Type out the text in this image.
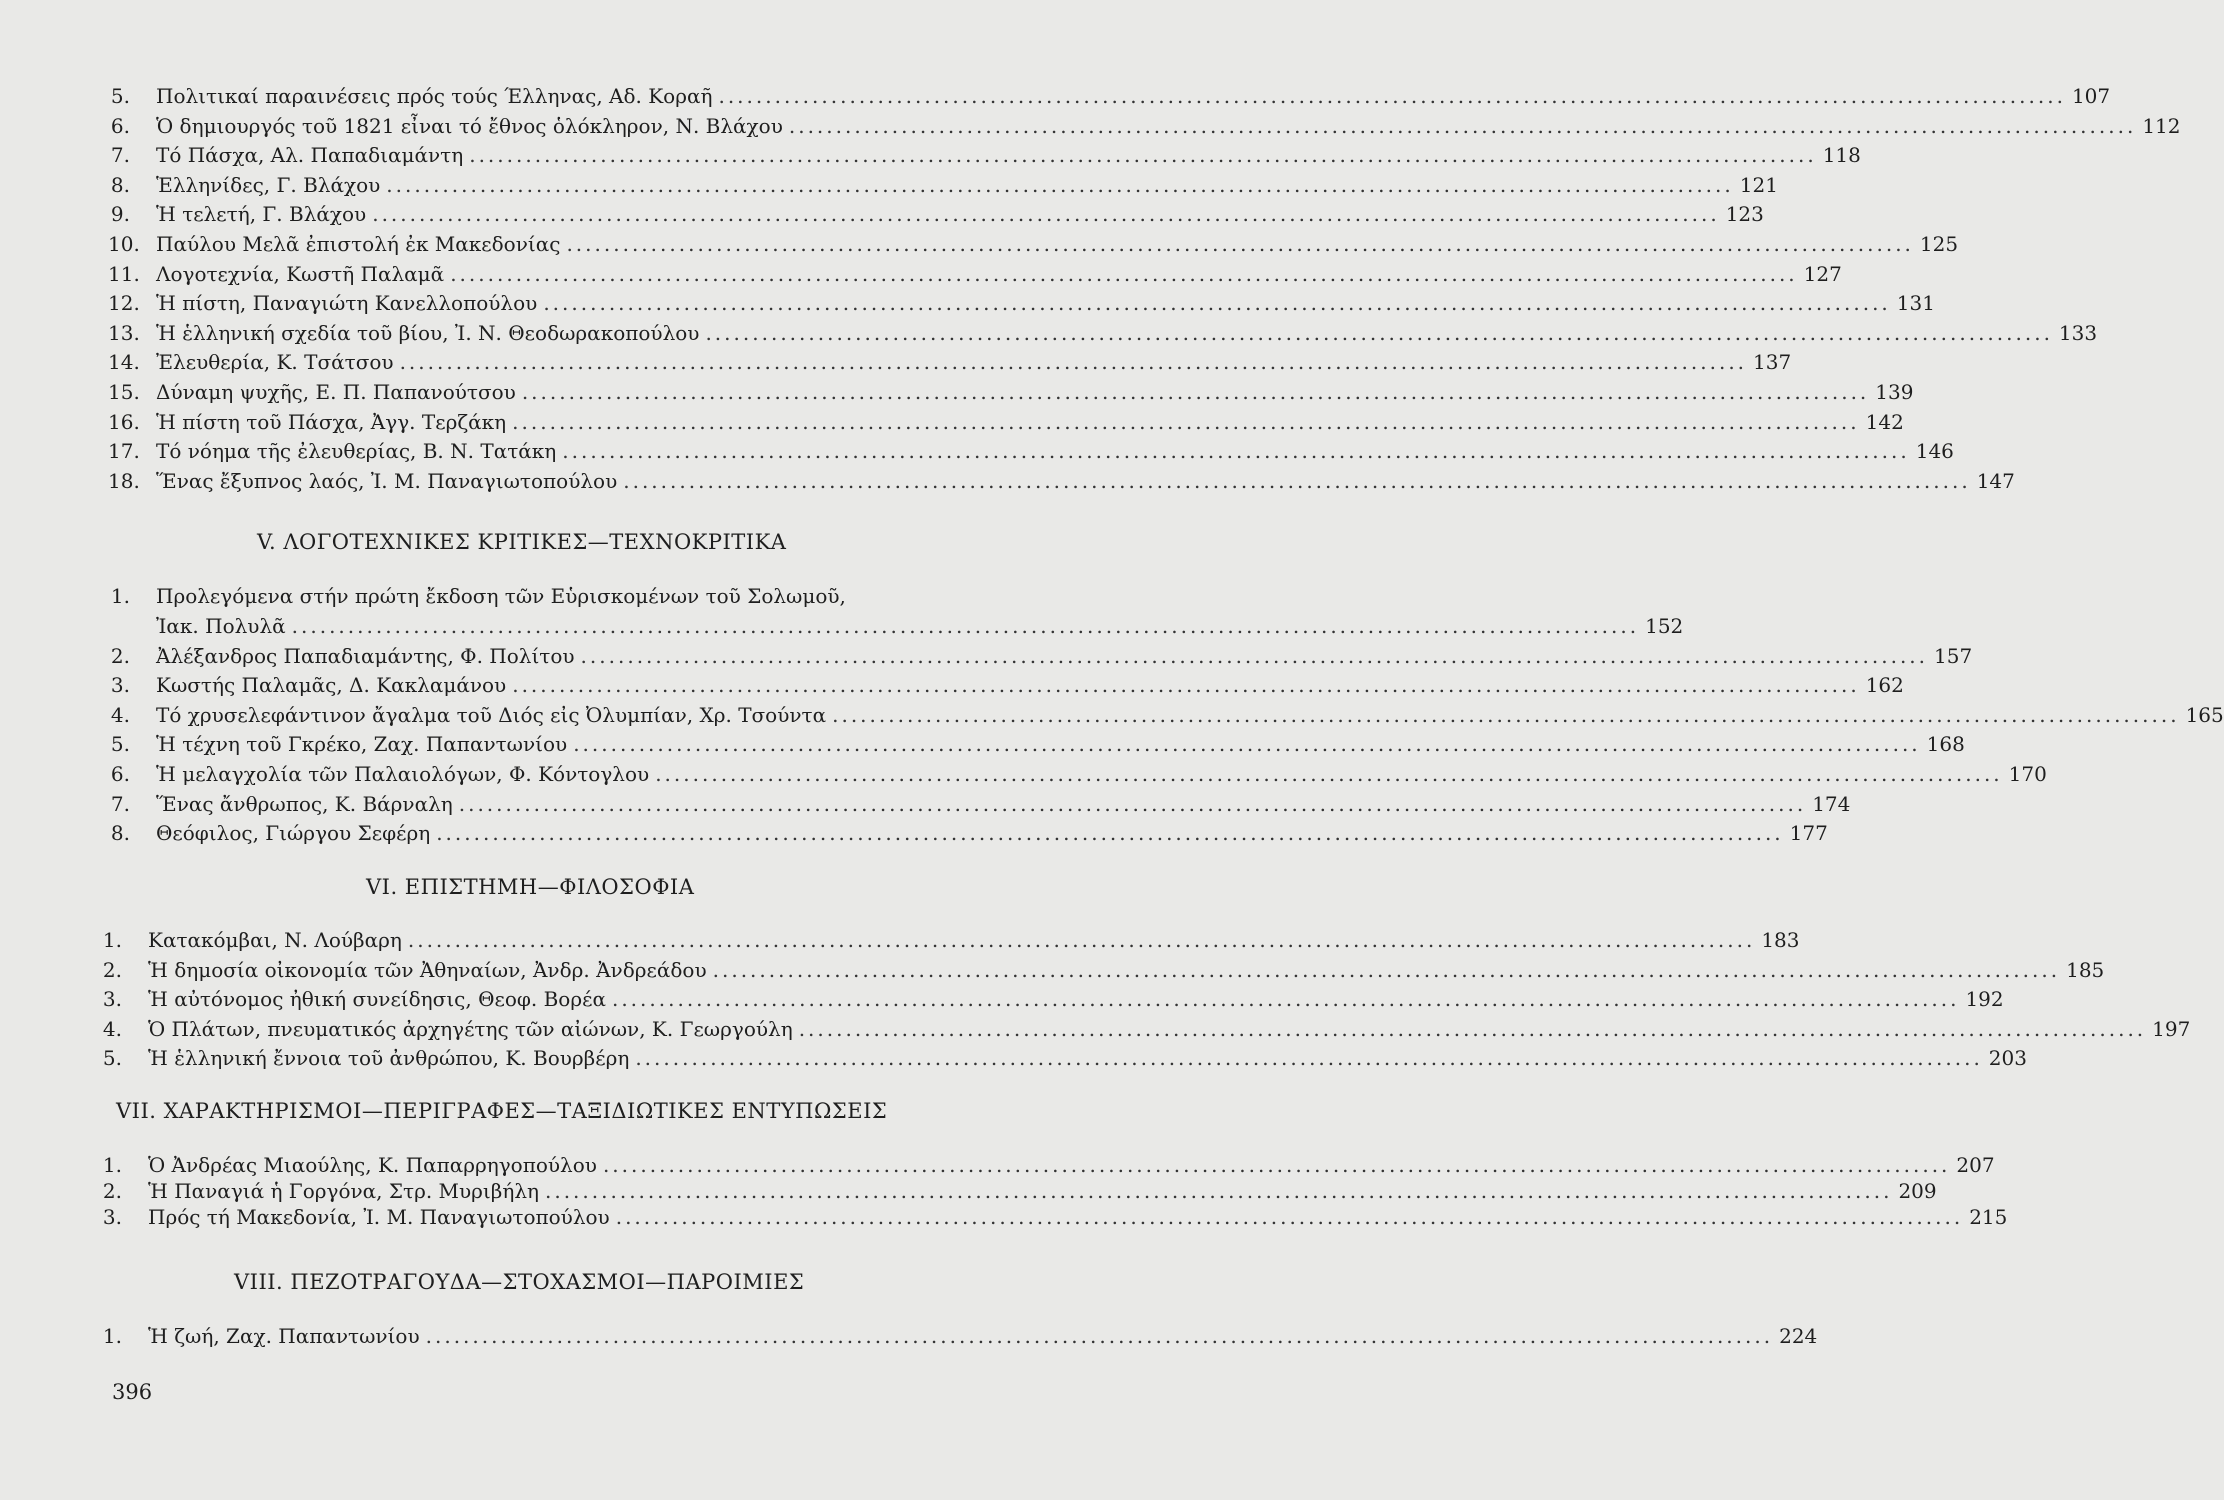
5. Πολιτικαί παραινέσεις πρός τούς Έλληνας, Αδ. Κοραῆ .....	107
6. Ὁ δημιουργός τοῦ 1821 εἶναι τό ἔθνος ὁλόκληρον, Ν. Βλάχου .....	112
7. Τό Πάσχα, Αλ. Παπαδιαμάντη .....	118
8. Ἑλληνίδες, Γ. Βλάχου .....	121
9. Ἡ τελετή, Γ. Βλάχου .....	123
10. Παύλου Μελᾶ ἐπιστολή ἐκ Μακεδονίας .....	125
11. Λογοτεχνία, Κωστῆ Παλαμᾶ .....	127
12. Ἡ πίστη, Παναγιώτη Κανελλοπούλου .....	131
13. Ἡ ἑλληνική σχεδία τοῦ βίου, Ἰ. Ν. Θεοδωρακοπούλου .....	133
14. Ἐλευθερία, Κ. Τσάτσου .....	137
15. Δύναμη ψυχῆς, Ε. Π. Παπανούτσου .....	139
16. Ἡ πίστη τοῦ Πάσχα, Ἀγγ. Τερζάκη .....	142
17. Τό νόημα τῆς ἐλευθερίας, Β. Ν. Τατάκη .....	146
18. Ἕνας ἔξυπνος λαός, Ἰ. Μ. Παναγιωτοπούλου .....	147
V. ΛΟΓΟΤΕΧΝΙΚΕΣ ΚΡΙΤΙΚΕΣ—ΤΕΧΝΟΚΡΙΤΙΚΑ
1. Προλεγόμενα στήν πρώτη ἔκδοση τῶν Εὑρισκομένων τοῦ Σολωμοῦ,
Ἰακ. Πολυλᾶ .....	152
2. Ἀλέξανδρος Παπαδιαμάντης, Φ. Πολίτου .....	157
3. Κωστής Παλαμᾶς, Δ. Κακλαμάνου .....	162
4. Τό χρυσελεφάντινον ἄγαλμα τοῦ Διός εἰς Ὀλυμπίαν, Χρ. Τσούντα .....	165
5. Ἡ τέχνη τοῦ Γκρέκο, Ζαχ. Παπαντωνίου .....	168
6. Ἡ μελαγχολία τῶν Παλαιολόγων, Φ. Κόντογλου .....	170
7. Ἕνας ἄνθρωπος, Κ. Βάρναλη .....	174
8. Θεόφιλος, Γιώργου Σεφέρη .....	177
VI. ΕΠΙΣΤΗΜΗ—ΦΙΛΟΣΟΦΙΑ
1. Κατακόμβαι, Ν. Λούβαρη .....	183
2. Ἡ δημοσία οἰκονομία τῶν Ἀθηναίων, Ἀνδρ. Ἀνδρεάδου .....	185
3. Ἡ αὐτόνομος ἠθική συνείδησις, Θεοφ. Βορέα .....	192
4. Ὁ Πλάτων, πνευματικός ἀρχηγέτης τῶν αἰώνων, Κ. Γεωργούλη .....	197
5. Ἡ ἑλληνική ἔννοια τοῦ ἀνθρώπου, Κ. Βουρβέρη .....	203
VII. ΧΑΡΑΚΤΗΡΙΣΜΟΙ—ΠΕΡΙΓΡΑΦΕΣ—ΤΑΞΙΔΙΩΤΙΚΕΣ ΕΝΤΥΠΩΣΕΙΣ
1. Ὁ Ἀνδρέας Μιαούλης, Κ. Παπαρρηγοπούλου .....	207
2. Ἡ Παναγιά ἡ Γοργόνα, Στρ. Μυριβήλη .....	209
3. Πρός τή Μακεδονία, Ἰ. Μ. Παναγιωτοπούλου .....	215
VIII. ΠΕΖΟΤΡΑΓΟΥΔΑ—ΣΤΟΧΑΣΜΟΙ—ΠΑΡΟΙΜΙΕΣ
1. Ἡ ζωή, Ζαχ. Παπαντωνίου .....	224
396
